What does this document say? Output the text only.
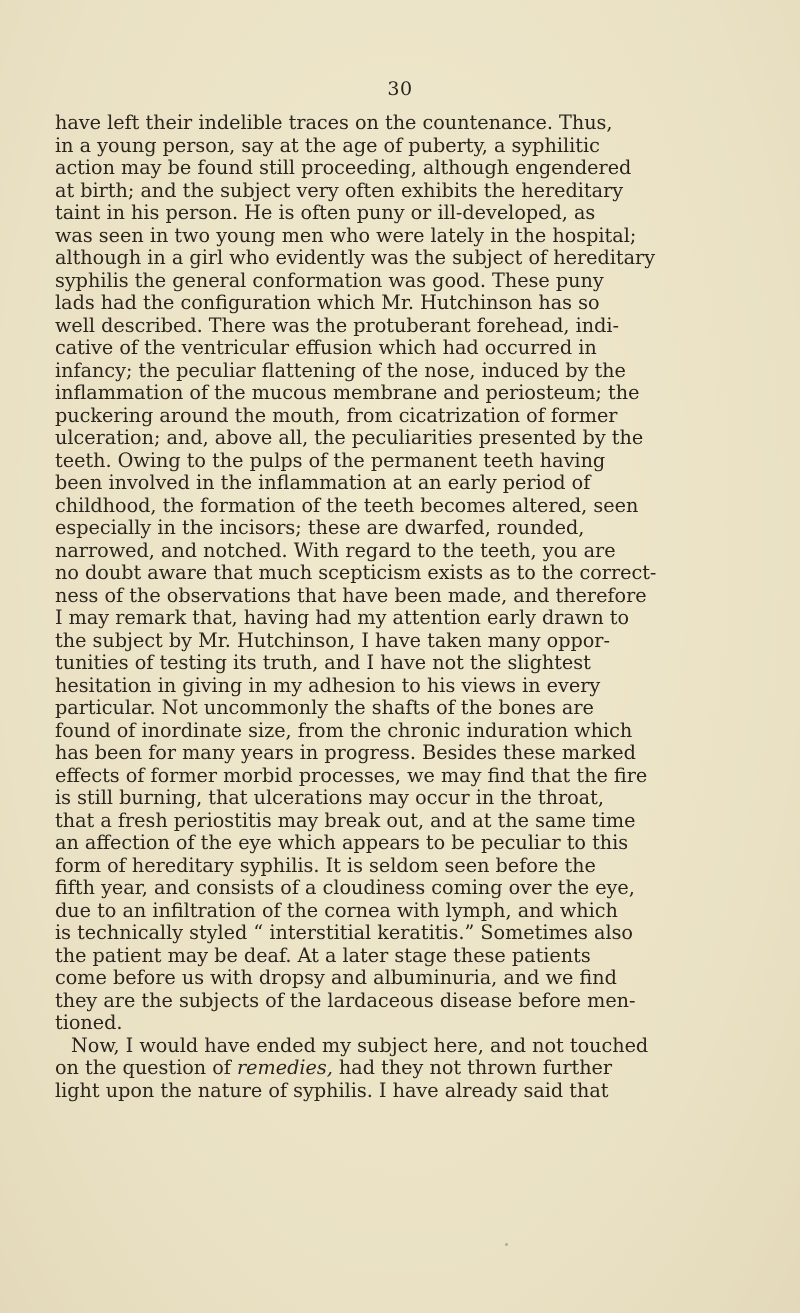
30
have left their indelible traces on the countenance. Thus,
in a young person, say at the age of puberty, a syphilitic
action may be found still proceeding, although engendered
at birth; and the subject very often exhibits the hereditary
taint in his person. He is often puny or ill-developed, as
was seen in two young men who were lately in the hospital;
although in a girl who evidently was the subject of hereditary
syphilis the general conformation was good. These puny
lads had the configuration which Mr. Hutchinson has so
well described. There was the protuberant forehead, indi-
cative of the ventricular effusion which had occurred in
infancy; the peculiar flattening of the nose, induced by the
inflammation of the mucous membrane and periosteum; the
puckering around the mouth, from cicatrization of former
ulceration; and, above all, the peculiarities presented by the
teeth. Owing to the pulps of the permanent teeth having
been involved in the inflammation at an early period of
childhood, the formation of the teeth becomes altered, seen
especially in the incisors; these are dwarfed, rounded,
narrowed, and notched. With regard to the teeth, you are
no doubt aware that much scepticism exists as to the correct-
ness of the observations that have been made, and therefore
I may remark that, having had my attention early drawn to
the subject by Mr. Hutchinson, I have taken many oppor-
tunities of testing its truth, and I have not the slightest
hesitation in giving in my adhesion to his views in every
particular. Not uncommonly the shafts of the bones are
found of inordinate size, from the chronic induration which
has been for many years in progress. Besides these marked
effects of former morbid processes, we may find that the fire
is still burning, that ulcerations may occur in the throat,
that a fresh periostitis may break out, and at the same time
an affection of the eye which appears to be peculiar to this
form of hereditary syphilis. It is seldom seen before the
fifth year, and consists of a cloudiness coming over the eye,
due to an infiltration of the cornea with lymph, and which
is technically styled “ interstitial keratitis.” Sometimes also
the patient may be deaf. At a later stage these patients
come before us with dropsy and albuminuria, and we find
they are the subjects of the lardaceous disease before men-
tioned.
Now, I would have ended my subject here, and not touched
on the question of remedies, had they not thrown further
light upon the nature of syphilis. I have already said that
